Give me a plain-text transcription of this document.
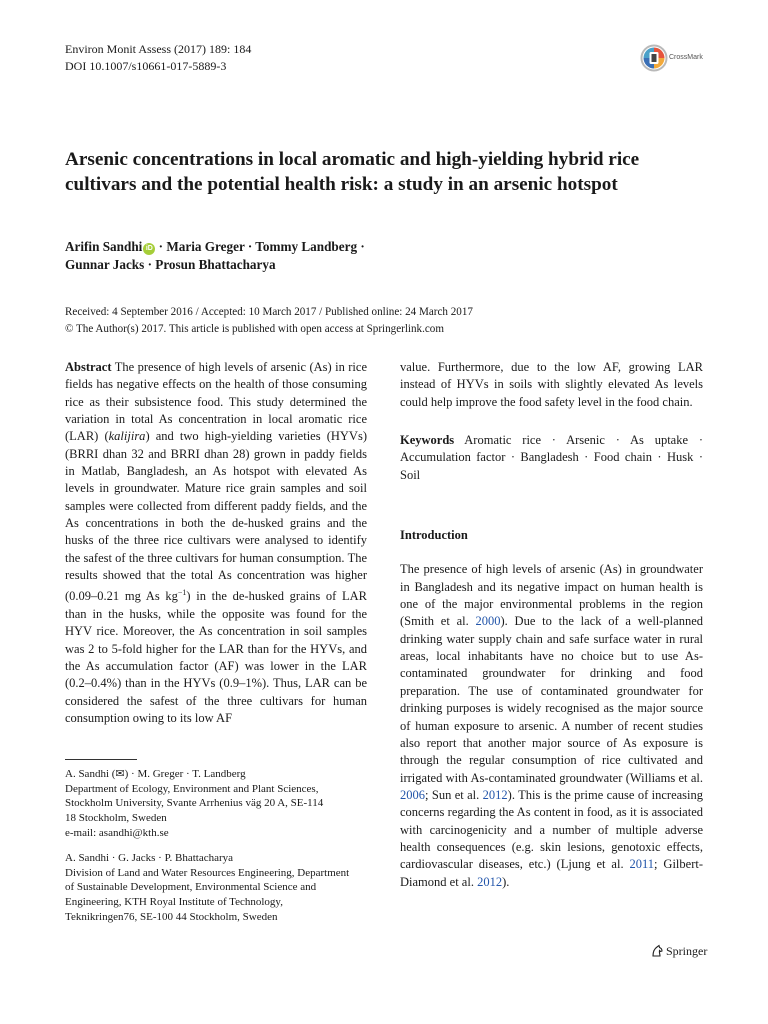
Environ Monit Assess (2017) 189: 184
DOI 10.1007/s10661-017-5889-3
CrossMark
Arsenic concentrations in local aromatic and high-yielding hybrid rice cultivars and the potential health risk: a study in an arsenic hotspot
Arifin Sandhi iD · Maria Greger · Tommy Landberg ·
Gunnar Jacks · Prosun Bhattacharya
Received: 4 September 2016 / Accepted: 10 March 2017 / Published online: 24 March 2017
© The Author(s) 2017. This article is published with open access at Springerlink.com

Abstract The presence of high levels of arsenic (As) in rice fields has negative effects on the health of those consuming rice as their subsistence food. This study determined the variation in total As concentration in local aromatic rice (LAR) (kalijira) and two high-yielding varieties (HYVs) (BRRI dhan 32 and BRRI dhan 28) grown in paddy fields in Matlab, Bangladesh, an As hotspot with elevated As levels in groundwater. Mature rice grain samples and soil samples were collected from different paddy fields, and the As concentrations in both the de-husked grains and the husks of the three rice cultivars were analysed to identify the safest of the three cultivars for human consumption. The results showed that the total As concentration was higher (0.09–0.21 mg As $kg^{-1}$) in the de-husked grains of LAR than in the husks, while the opposite was found for the HYV rice. Moreover, the As concentration in soil samples was 2 to 5-fold higher for the LAR than for the HYVs, and the As accumulation factor (AF) was lower in the LAR (0.2–0.4%) than in the HYVs (0.9–1%). Thus, LAR can be considered the safest of the three cultivars for human consumption owing to its low AF

value. Furthermore, due to the low AF, growing LAR instead of HYVs in soils with slightly elevated As levels could help improve the food safety level in the food chain.

Keywords Aromatic rice · Arsenic · As uptake · Accumulation factor · Bangladesh · Food chain · Husk · Soil

Introduction

The presence of high levels of arsenic (As) in groundwater in Bangladesh and its negative impact on human health is one of the major environmental problems in the region (Smith et al. 2000). Due to the lack of a well-planned drinking water supply chain and safe surface water in rural areas, local inhabitants have no choice but to use As-contaminated groundwater for drinking and food preparation. The use of contaminated groundwater for drinking purposes is widely recognised as the major source of human exposure to arsenic. A number of recent studies also report that another major source of As exposure is through the regular consumption of rice cultivated and irrigated with As-contaminated groundwater (Williams et al. 2006; Sun et al. 2012). This is the prime cause of increasing concerns regarding the As content in food, as it is associated with carcinogenicity and a number of multiple adverse health consequences (e.g. skin lesions, genotoxic effects, cardiovascular diseases, etc.) (Ljung et al. 2011; Gilbert-Diamond et al. 2012).

A. Sandhi (✉) · M. Greger · T. Landberg
Department of Ecology, Environment and Plant Sciences,
Stockholm University, Svante Arrhenius väg 20 A, SE-114
18 Stockholm, Sweden
e-mail: asandhi@kth.se
A. Sandhi · G. Jacks · P. Bhattacharya
Division of Land and Water Resources Engineering, Department
of Sustainable Development, Environmental Science and
Engineering, KTH Royal Institute of Technology,
Teknikringen76, SE-100 44 Stockholm, Sweden
Springer
